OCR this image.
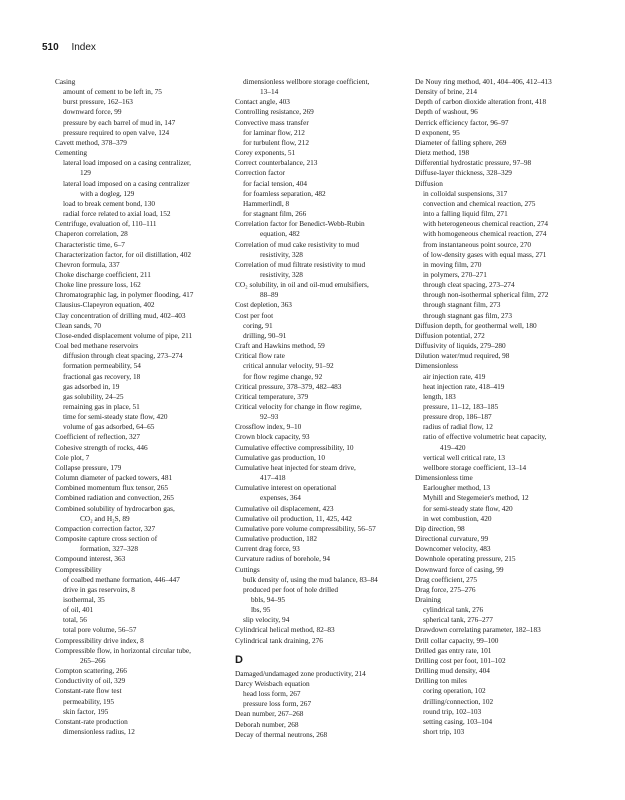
510 Index
Casing
amount of cement to be left in, 75
burst pressure, 162–163
downward force, 99
pressure by each barrel of mud in, 147
pressure required to open valve, 124
Cavett method, 378–379
Cementing
lateral load imposed on a casing centralizer,
129
lateral load imposed on a casing centralizer
with a dogleg, 129
load to break cement bond, 130
radial force related to axial load, 152
Centrifuge, evaluation of, 110–111
Chaperon correlation, 28
Characteristic time, 6–7
Characterization factor, for oil distillation, 402
Chevron formula, 337
Choke discharge coefficient, 211
Choke line pressure loss, 162
Chromatographic lag, in polymer flooding, 417
Clausius-Clapeyron equation, 402
Clay concentration of drilling mud, 402–403
Clean sands, 70
Close-ended displacement volume of pipe, 211
Coal bed methane reservoirs
diffusion through cleat spacing, 273–274
formation permeability, 54
fractional gas recovery, 18
gas adsorbed in, 19
gas solubility, 24–25
remaining gas in place, 51
time for semi-steady state flow, 420
volume of gas adsorbed, 64–65
Coefficient of reflection, 327
Cohesive strength of rocks, 446
Cole plot, 7
Collapse pressure, 179
Column diameter of packed towers, 481
Combined momentum flux tensor, 265
Combined radiation and convection, 265
Combined solubility of hydrocarbon gas,
CO₂ and H₂S, 89
Compaction correction factor, 327
Composite capture cross section of
formation, 327–328
Compound interest, 363
Compressibility
of coalbed methane formation, 446–447
drive in gas reservoirs, 8
isothermal, 35
of oil, 401
total, 56
total pore volume, 56–57
Compressibility drive index, 8
Compressible flow, in horizontal circular tube,
265–266
Compton scattering, 266
Conductivity of oil, 329
Constant-rate flow test
permeability, 195
skin factor, 195
Constant-rate production
dimensionless radius, 12
dimensionless wellbore storage coefficient,
13–14
Contact angle, 403
Controlling resistance, 269
Convective mass transfer
for laminar flow, 212
for turbulent flow, 212
Corey exponents, 51
Correct counterbalance, 213
Correction factor
for facial tension, 404
for foamless separation, 482
Hammerlindl, 8
for stagnant film, 266
Correlation factor for Benedict-Webb-Rubin
equation, 482
Correlation of mud cake resistivity to mud
resistivity, 328
Correlation of mud filtrate resistivity to mud
resistivity, 328
CO₂ solubility, in oil and oil-mud emulsifiers,
88–89
Cost depletion, 363
Cost per foot
coring, 91
drilling, 90–91
Craft and Hawkins method, 59
Critical flow rate
critical annular velocity, 91–92
for flow regime change, 92
Critical pressure, 378–379, 482–483
Critical temperature, 379
Critical velocity for change in flow regime,
92–93
Crossflow index, 9–10
Crown block capacity, 93
Cumulative effective compressibility, 10
Cumulative gas production, 10
Cumulative heat injected for steam drive,
417–418
Cumulative interest on operational
expenses, 364
Cumulative oil displacement, 423
Cumulative oil production, 11, 425, 442
Cumulative pore volume compressibility, 56–57
Cumulative production, 182
Current drag force, 93
Curvature radius of borehole, 94
Cuttings
bulk density of, using the mud balance, 83–84
produced per foot of hole drilled
bbls, 94–95
lbs, 95
slip velocity, 94
Cylindrical helical method, 82–83
Cylindrical tank draining, 276
D
Damaged/undamaged zone productivity, 214
Darcy Weisbach equation
head loss form, 267
pressure loss form, 267
Dean number, 267–268
Deborah number, 268
Decay of thermal neutrons, 268
De Nouy ring method, 401, 404–406, 412–413
Density of brine, 214
Depth of carbon dioxide alteration front, 418
Depth of washout, 96
Derrick efficiency factor, 96–97
D exponent, 95
Diameter of falling sphere, 269
Dietz method, 198
Differential hydrostatic pressure, 97–98
Diffuse-layer thickness, 328–329
Diffusion
in colloidal suspensions, 317
convection and chemical reaction, 275
into a falling liquid film, 271
with heterogeneous chemical reaction, 274
with homogeneous chemical reaction, 274
from instantaneous point source, 270
of low-density gases with equal mass, 271
in moving film, 270
in polymers, 270–271
through cleat spacing, 273–274
through non-isothermal spherical film, 272
through stagnant film, 273
through stagnant gas film, 273
Diffusion depth, for geothermal well, 180
Diffusion potential, 272
Diffusivity of liquids, 279–280
Dilution water/mud required, 98
Dimensionless
air injection rate, 419
heat injection rate, 418–419
length, 183
pressure, 11–12, 183–185
pressure drop, 186–187
radius of radial flow, 12
ratio of effective volumetric heat capacity,
419–420
vertical well critical rate, 13
wellbore storage coefficient, 13–14
Dimensionless time
Earlougher method, 13
Myhill and Stegemeier's method, 12
for semi-steady state flow, 420
in wet combustion, 420
Dip direction, 98
Directional curvature, 99
Downcomer velocity, 483
Downhole operating pressure, 215
Downward force of casing, 99
Drag coefficient, 275
Drag force, 275–276
Draining
cylindrical tank, 276
spherical tank, 276–277
Drawdown correlating parameter, 182–183
Drill collar capacity, 99–100
Drilled gas entry rate, 101
Drilling cost per foot, 101–102
Drilling mud density, 404
Drilling ton miles
coring operation, 102
drilling/connection, 102
round trip, 102–103
setting casing, 103–104
short trip, 103
